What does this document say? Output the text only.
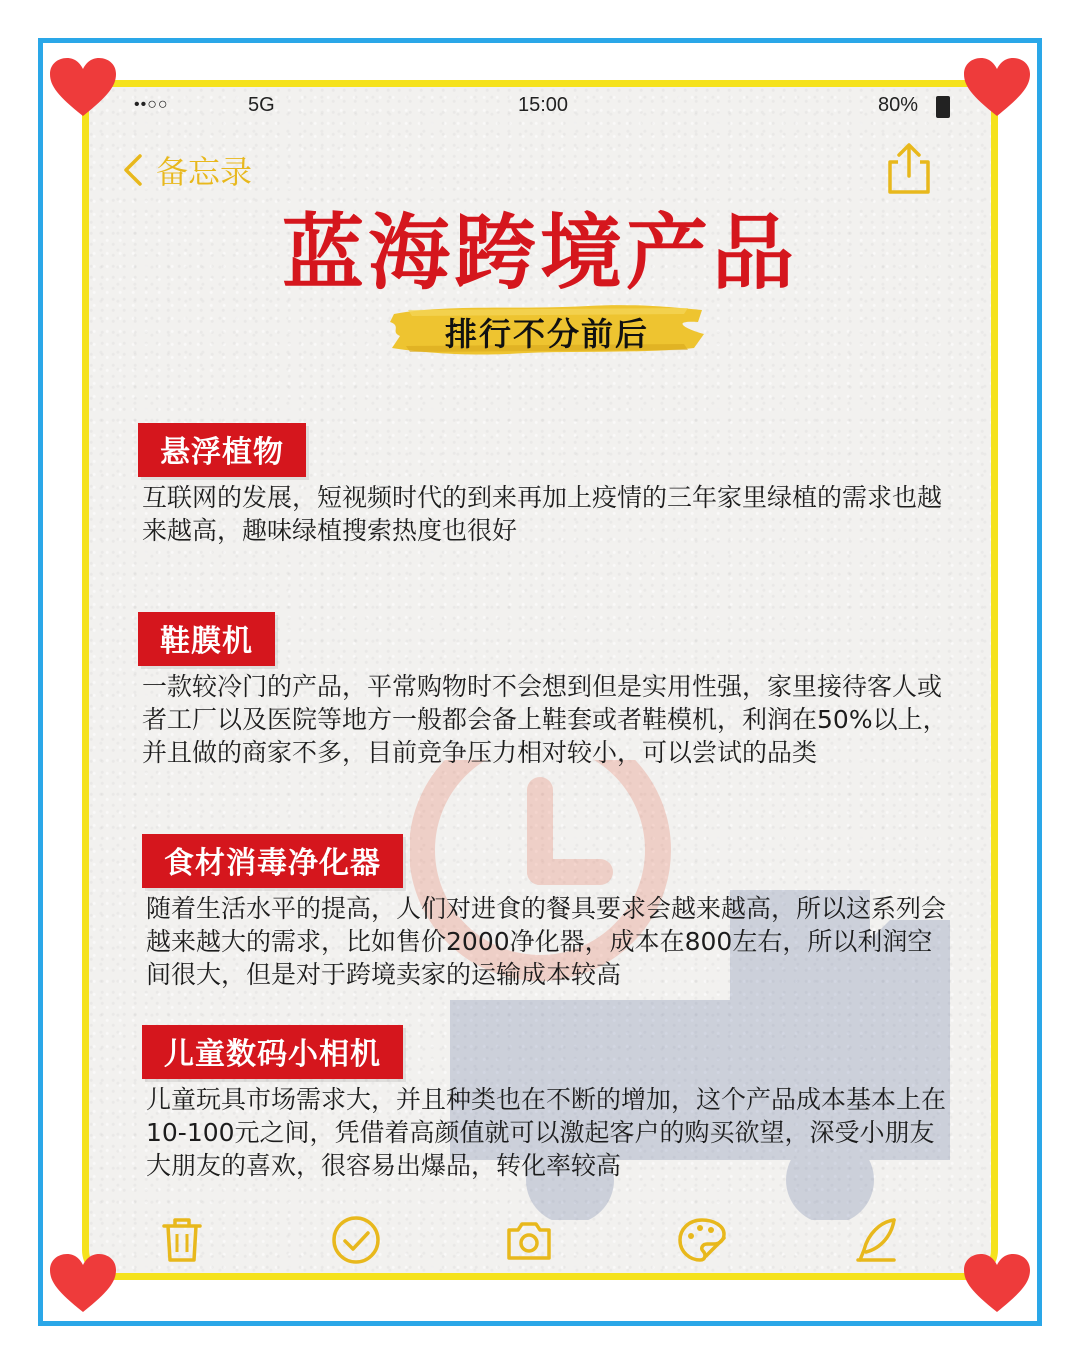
••○○	5G	15:00	80%
备忘录
蓝海跨境产品
排行不分前后
悬浮植物
互联网的发展，短视频时代的到来再加上疫情的三年家里绿植的需求也越来越高，趣味绿植搜索热度也很好
鞋膜机
一款较冷门的产品，平常购物时不会想到但是实用性强，家里接待客人或者工厂以及医院等地方一般都会备上鞋套或者鞋模机，利润在50%以上，并且做的商家不多，目前竞争压力相对较小，可以尝试的品类
食材消毒净化器
随着生活水平的提高，人们对进食的餐具要求会越来越高，所以这系列会越来越大的需求，比如售价2000净化器，成本在800左右，所以利润空间很大，但是对于跨境卖家的运输成本较高
儿童数码小相机
儿童玩具市场需求大，并且种类也在不断的增加，这个产品成本基本上在10-100元之间，凭借着高颜值就可以激起客户的购买欲望，深受小朋友大朋友的喜欢，很容易出爆品，转化率较高
